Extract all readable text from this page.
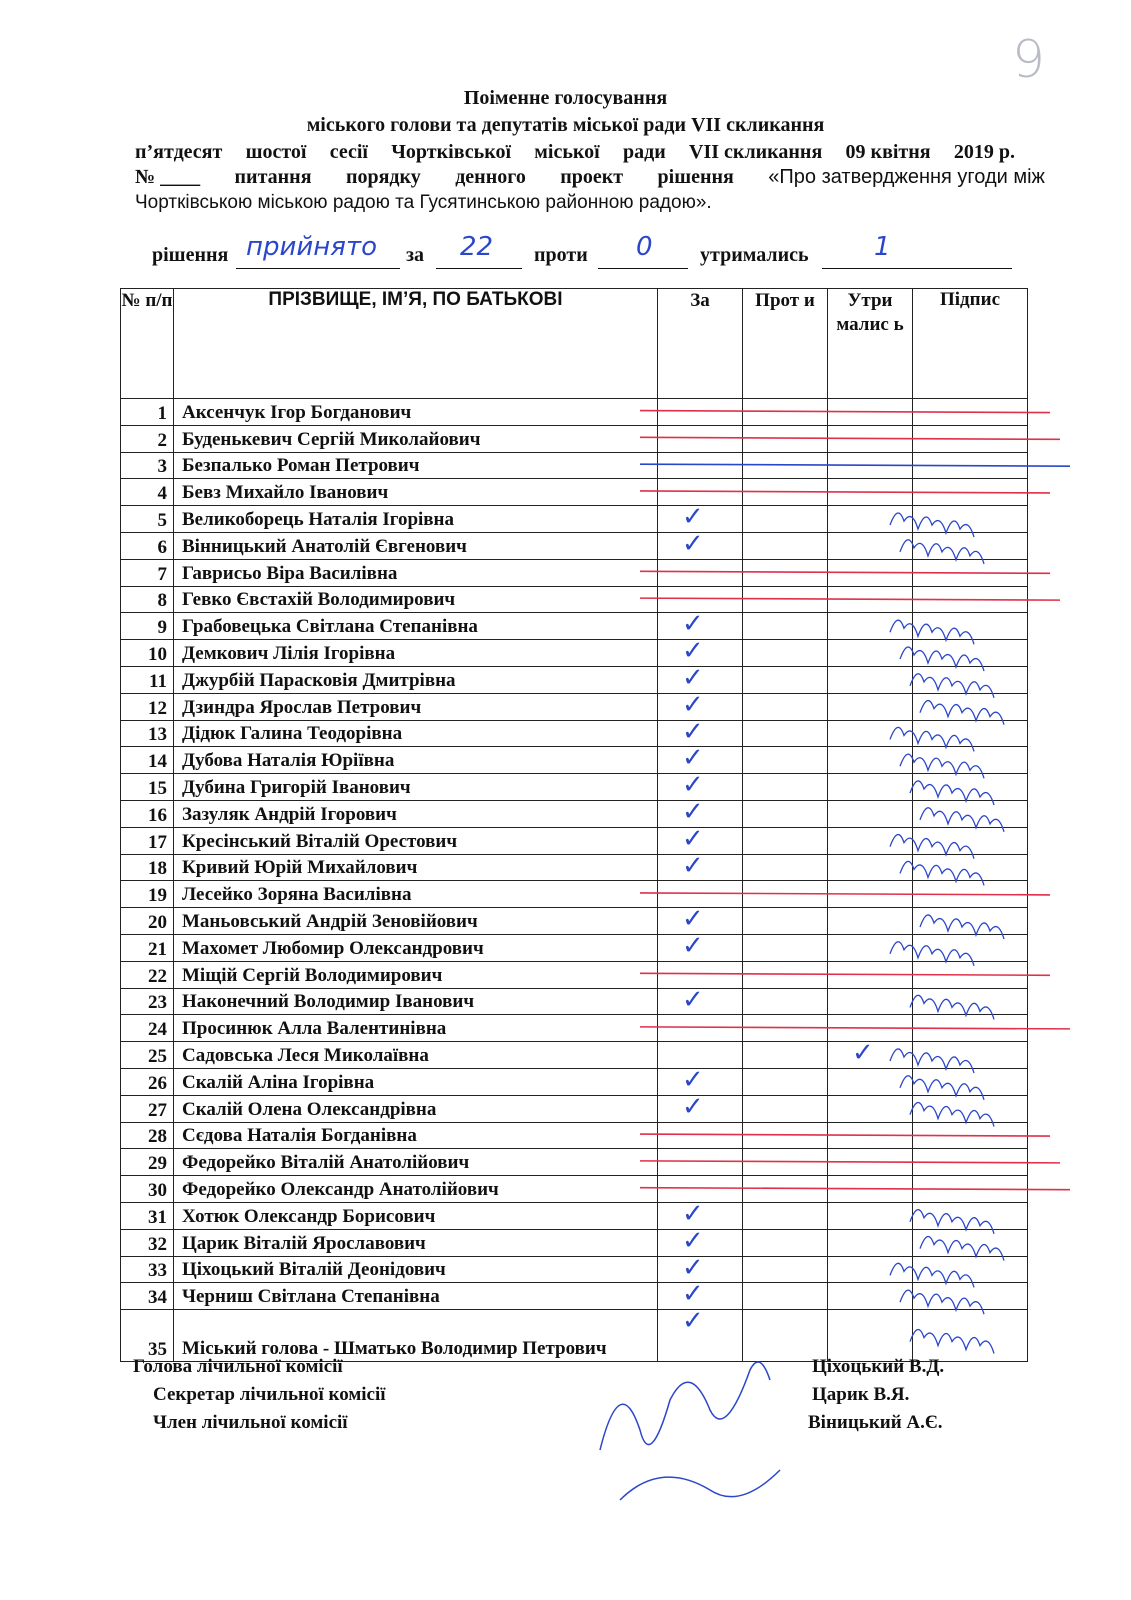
9
Поіменне голосування
міського голови та депутатів міської ради VII скликання
п’ятдесят шостої сесії Чортківської міської ради VII скликання 09 квітня 2019 р.
№ ____ питання порядку денного проект рішення «Про затвердження угоди між
Чортківською міською радою та Гусятинською районною радою».
рішення прийнято за 22 проти 0 утримались	1
№ п/п	ПРІЗВИЩЕ, ІМ’Я, ПО БАТЬКОВІ	За	Прот и	Утри малис ь	Підпис
1	Аксенчук Ігор Богданович				
2	Буденькевич Сергій Миколайович				
3	Безпалько Роман Петрович				
4	Бевз Михайло Іванович				
5	Великоборець Наталія Ігорівна	✓			

6	Вінницький Анатолій Євгенович	✓			

7	Гаврисьо Віра Василівна				
8	Гевко Євстахій Володимирович				
9	Грабовецька Світлана Степанівна	✓			

10	Демкович Лілія Ігорівна	✓			

11	Джурбій Парасковія Дмитрівна	✓			

12	Дзиндра Ярослав Петрович	✓			

13	Дідюк Галина Теодорівна	✓			

14	Дубова Наталія Юріївна	✓			

15	Дубина Григорій Іванович	✓			

16	Зазуляк Андрій Ігорович	✓			

17	Кресінський Віталій Орестович	✓			

18	Кривий Юрій Михайлович	✓			

19	Лесейко Зоряна Василівна				
20	Маньовський Андрій Зеновійович	✓			

21	Махомет Любомир Олександрович	✓			

22	Міщій Сергій Володимирович				
23	Наконечний Володимир Іванович	✓			

24	Просинюк Алла Валентинівна				
25	Садовська Леся Миколаївна			✓	

26	Скалій Аліна Ігорівна	✓			

27	Скалій Олена Олександрівна	✓			

28	Сєдова Наталія Богданівна				
29	Федорейко Віталій Анатолійович				
30	Федорейко Олександр Анатолійович				
31	Хотюк Олександр Борисович	✓			

32	Царик Віталій Ярославович	✓			

33	Ціхоцький Віталій Деонідович	✓			

34	Черниш Світлана Степанівна	✓			

35	Міський голова - Шматько Володимир Петрович	✓			

Голова лічильної комісії	Ціхоцький В.Д.
Секретар лічильної комісії	Царик В.Я.
Член лічильної комісії	Віницький А.Є.
